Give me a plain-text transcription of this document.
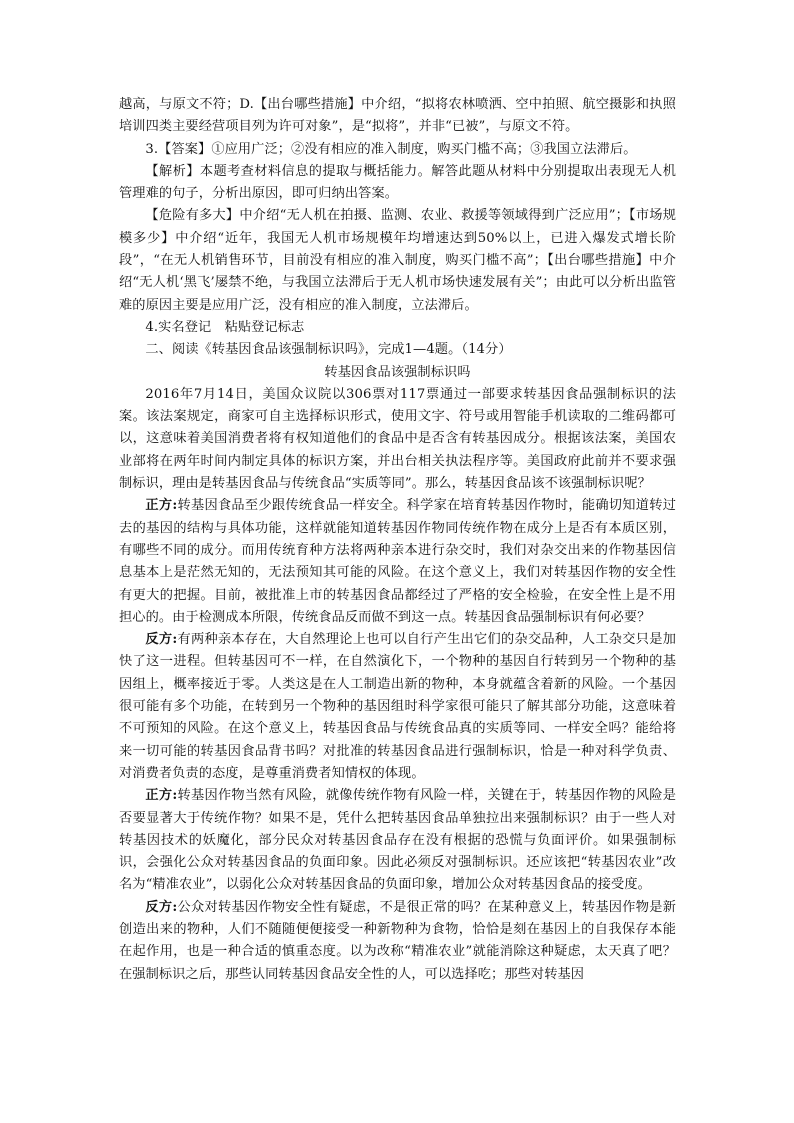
越高，与原文不符；D.【出台哪些措施】中介绍，“拟将农林喷洒、空中拍照、航空摄影和执照培训四类主要经营项目列为许可对象”，是“拟将”，并非“已被”，与原文不符。

3.【答案】①应用广泛；②没有相应的准入制度，购买门槛不高；③我国立法滞后。

【解析】本题考查材料信息的提取与概括能力。解答此题从材料中分别提取出表现无人机管理难的句子，分析出原因，即可归纳出答案。

【危险有多大】中介绍“无人机在拍摄、监测、农业、救援等领域得到广泛应用”；【市场规模多少】中介绍“近年，我国无人机市场规模年均增速达到50%以上，已进入爆发式增长阶段”，“在无人机销售环节，目前没有相应的准入制度，购买门槛不高”；【出台哪些措施】中介绍“无人机‘黑飞’屡禁不绝，与我国立法滞后于无人机市场快速发展有关”；由此可以分析出监管难的原因主要是应用广泛，没有相应的准入制度，立法滞后。

4.实名登记　粘贴登记标志

二、阅读《转基因食品该强制标识吗》，完成1—4题。（14分）

转基因食品该强制标识吗

2016年7月14日，美国众议院以306票对117票通过一部要求转基因食品强制标识的法案。该法案规定，商家可自主选择标识形式，使用文字、符号或用智能手机读取的二维码都可以，这意味着美国消费者将有权知道他们的食品中是否含有转基因成分。根据该法案，美国农业部将在两年时间内制定具体的标识方案，并出台相关执法程序等。美国政府此前并不要求强制标识，理由是转基因食品与传统食品“实质等同”。那么，转基因食品该不该强制标识呢？

正方:转基因食品至少跟传统食品一样安全。科学家在培育转基因作物时，能确切知道转过去的基因的结构与具体功能，这样就能知道转基因作物同传统作物在成分上是否有本质区别，有哪些不同的成分。而用传统育种方法将两种亲本进行杂交时，我们对杂交出来的作物基因信息基本上是茫然无知的，无法预知其可能的风险。在这个意义上，我们对转基因作物的安全性有更大的把握。目前，被批准上市的转基因食品都经过了严格的安全检验，在安全性上是不用担心的。由于检测成本所限，传统食品反而做不到这一点。转基因食品强制标识有何必要？

反方:有两种亲本存在，大自然理论上也可以自行产生出它们的杂交品种，人工杂交只是加快了这一进程。但转基因可不一样，在自然演化下，一个物种的基因自行转到另一个物种的基因组上，概率接近于零。人类这是在人工制造出新的物种，本身就蕴含着新的风险。一个基因很可能有多个功能，在转到另一个物种的基因组时科学家很可能只了解其部分功能，这意味着不可预知的风险。在这个意义上，转基因食品与传统食品真的实质等同、一样安全吗？能给将来一切可能的转基因食品背书吗？对批准的转基因食品进行强制标识，恰是一种对科学负责、对消费者负责的态度，是尊重消费者知情权的体现。

正方:转基因作物当然有风险，就像传统作物有风险一样，关键在于，转基因作物的风险是否要显著大于传统作物？如果不是，凭什么把转基因食品单独拉出来强制标识？由于一些人对转基因技术的妖魔化，部分民众对转基因食品存在没有根据的恐慌与负面评价。如果强制标识，会强化公众对转基因食品的负面印象。因此必须反对强制标识。还应该把“转基因农业”改名为“精准农业”，以弱化公众对转基因食品的负面印象，增加公众对转基因食品的接受度。

反方:公众对转基因作物安全性有疑虑，不是很正常的吗？在某种意义上，转基因作物是新创造出来的物种，人们不随随便便接受一种新物种为食物，恰恰是刻在基因上的自我保存本能在起作用，也是一种合适的慎重态度。以为改称“精准农业”就能消除这种疑虑，太天真了吧？在强制标识之后，那些认同转基因食品安全性的人，可以选择吃；那些对转基因
